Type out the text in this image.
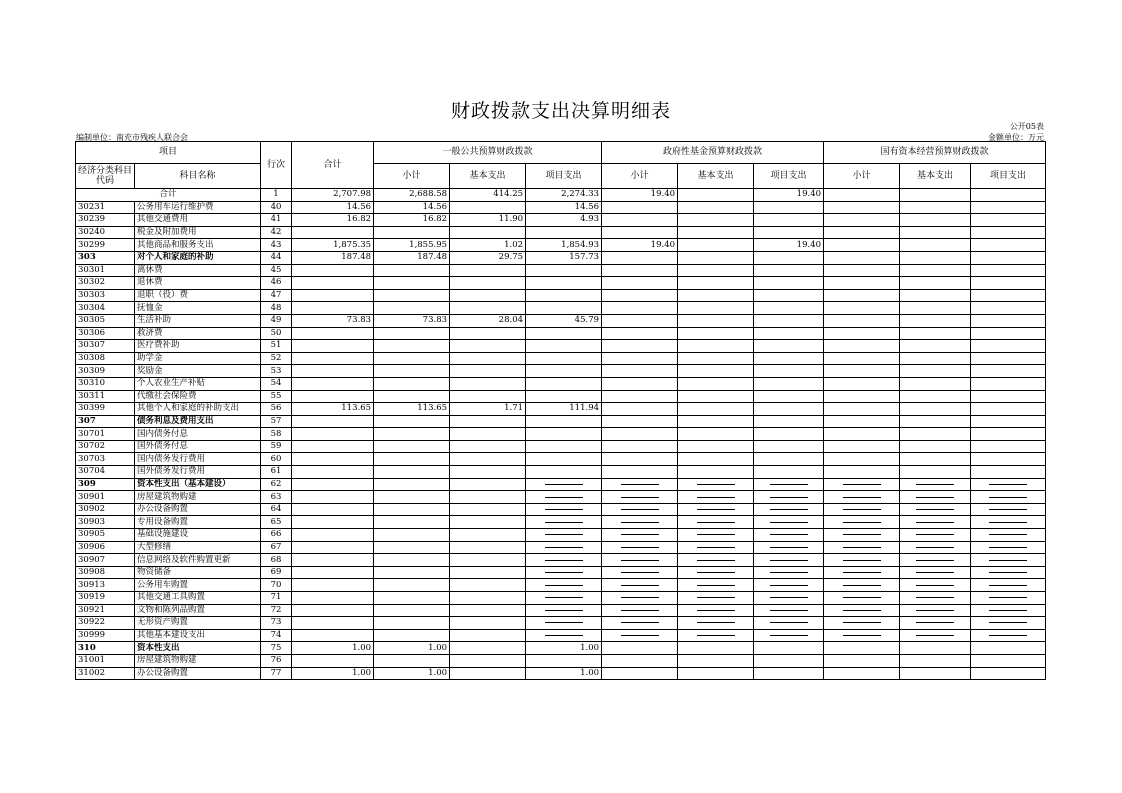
财政拨款支出决算明细表
公开05表
编制单位：南充市残疾人联合会	金额单位：万元
项目		行次	合计	一般公共预算财政拨款			政府性基金预算财政拨款			国有资本经营预算财政拨款		
经济分类科目代码	科目名称			小计	基本支出	项目支出	小计	基本支出	项目支出	小计	基本支出	项目支出
合计		1	2,707.98	2,688.58	414.25	2,274.33	19.40		19.40			
30231	公务用车运行维护费	40	14.56	14.56		14.56						
30239	其他交通费用	41	16.82	16.82	11.90	4.93						
30240	税金及附加费用	42										
30299	其他商品和服务支出	43	1,875.35	1,855.95	1.02	1,854.93	19.40		19.40			
303	对个人和家庭的补助	44	187.48	187.48	29.75	157.73						
30301	离休费	45										
30302	退休费	46										
30303	退职（役）费	47										
30304	抚恤金	48										
30305	生活补助	49	73.83	73.83	28.04	45.79						
30306	救济费	50										
30307	医疗费补助	51										
30308	助学金	52										
30309	奖励金	53										
30310	个人农业生产补贴	54										
30311	代缴社会保险费	55										
30399	其他个人和家庭的补助支出	56	113.65	113.65	1.71	111.94						
307	债务利息及费用支出	57										
30701	国内债务付息	58										
30702	国外债务付息	59										
30703	国内债务发行费用	60										
30704	国外债务发行费用	61										
309	资本性支出（基本建设）	62				

30901	房屋建筑物购建	63				

30902	办公设备购置	64				

30903	专用设备购置	65				

30905	基础设施建设	66				

30906	大型修缮	67				

30907	信息网络及软件购置更新	68				

30908	物资储备	69				

30913	公务用车购置	70				

30919	其他交通工具购置	71				

30921	文物和陈列品购置	72				

30922	无形资产购置	73				

30999	其他基本建设支出	74				

310	资本性支出	75	1.00	1.00		1.00						
31001	房屋建筑物购建	76										
31002	办公设备购置	77	1.00	1.00		1.00						
